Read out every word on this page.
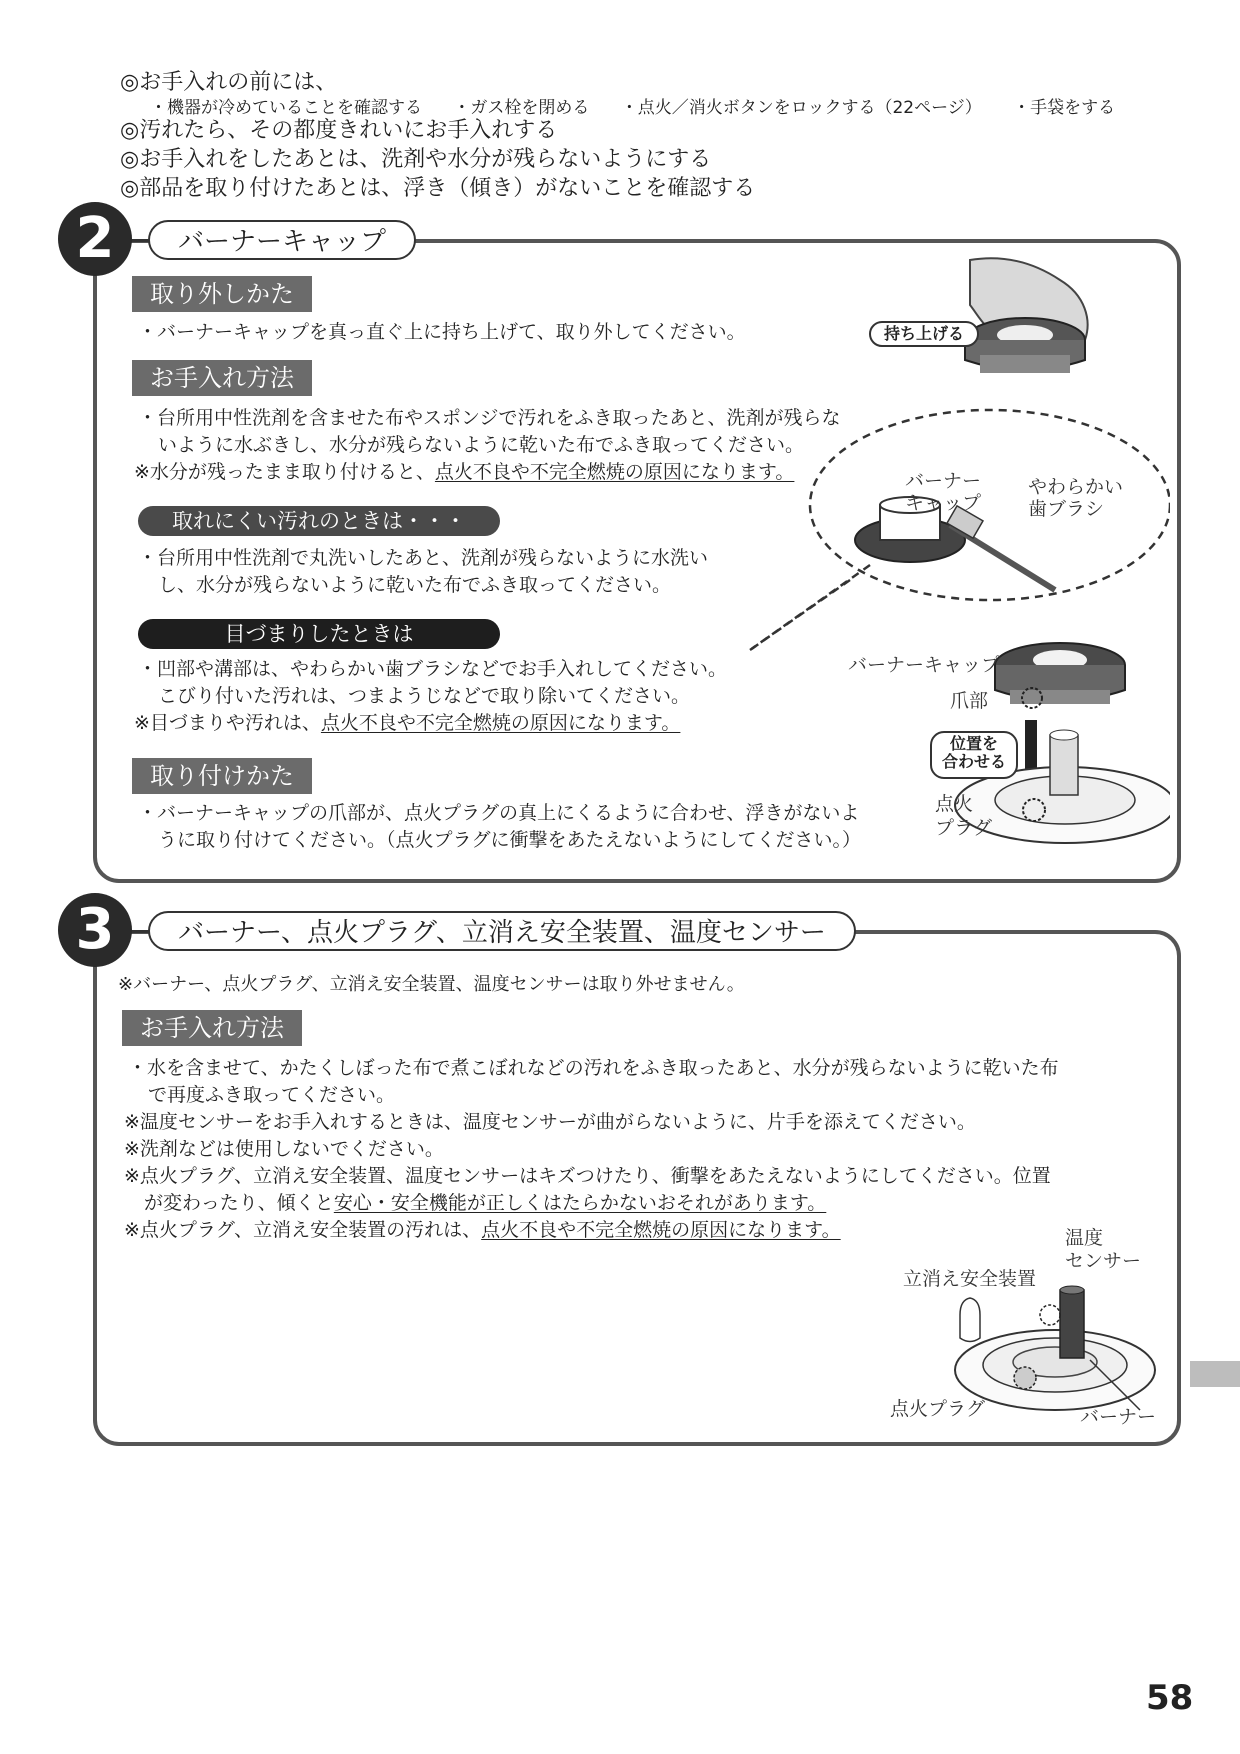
◎お手入れの前には、
・機器が冷めていることを確認する ・ガス栓を閉める ・点火／消火ボタンをロックする（22ページ） ・手袋をする
◎汚れたら、その都度きれいにお手入れする
◎お手入れをしたあとは、洗剤や水分が残らないようにする
◎部品を取り付けたあとは、浮き（傾き）がないことを確認する
2	バーナーキャップ
取り外しかた
・バーナーキャップを真っ直ぐ上に持ち上げて、取り外してください。
お手入れ方法
・台所用中性洗剤を含ませた布やスポンジで汚れをふき取ったあと、洗剤が残らな
いように水ぶきし、水分が残らないように乾いた布でふき取ってください。
※水分が残ったまま取り付けると、点火不良や不完全燃焼の原因になります。
取れにくい汚れのときは・・・
・台所用中性洗剤で丸洗いしたあと、洗剤が残らないように水洗い
し、水分が残らないように乾いた布でふき取ってください。
目づまりしたときは
・凹部や溝部は、やわらかい歯ブラシなどでお手入れしてください。
こびり付いた汚れは、つまようじなどで取り除いてください。
※目づまりや汚れは、点火不良や不完全燃焼の原因になります。
取り付けかた
・バーナーキャップの爪部が、点火プラグの真上にくるように合わせ、浮きがないよ
うに取り付けてください。（点火プラグに衝撃をあたえないようにしてください。）
持ち上げる
バーナー
キャップ
やわらかい
歯ブラシ
バーナーキャップ
爪部
位置を
合わせる
点火
プラグ
3	バーナー、点火プラグ、立消え安全装置、温度センサー
※バーナー、点火プラグ、立消え安全装置、温度センサーは取り外せません。
お手入れ方法
・水を含ませて、かたくしぼった布で煮こぼれなどの汚れをふき取ったあと、水分が残らないように乾いた布
で再度ふき取ってください。
※温度センサーをお手入れするときは、温度センサーが曲がらないように、片手を添えてください。
※洗剤などは使用しないでください。
※点火プラグ、立消え安全装置、温度センサーはキズつけたり、衝撃をあたえないようにしてください。位置
が変わったり、傾くと安心・安全機能が正しくはたらかないおそれがあります。
※点火プラグ、立消え安全装置の汚れは、点火不良や不完全燃焼の原因になります。	温度
センサー
立消え安全装置
点火プラグ	バーナー
58
